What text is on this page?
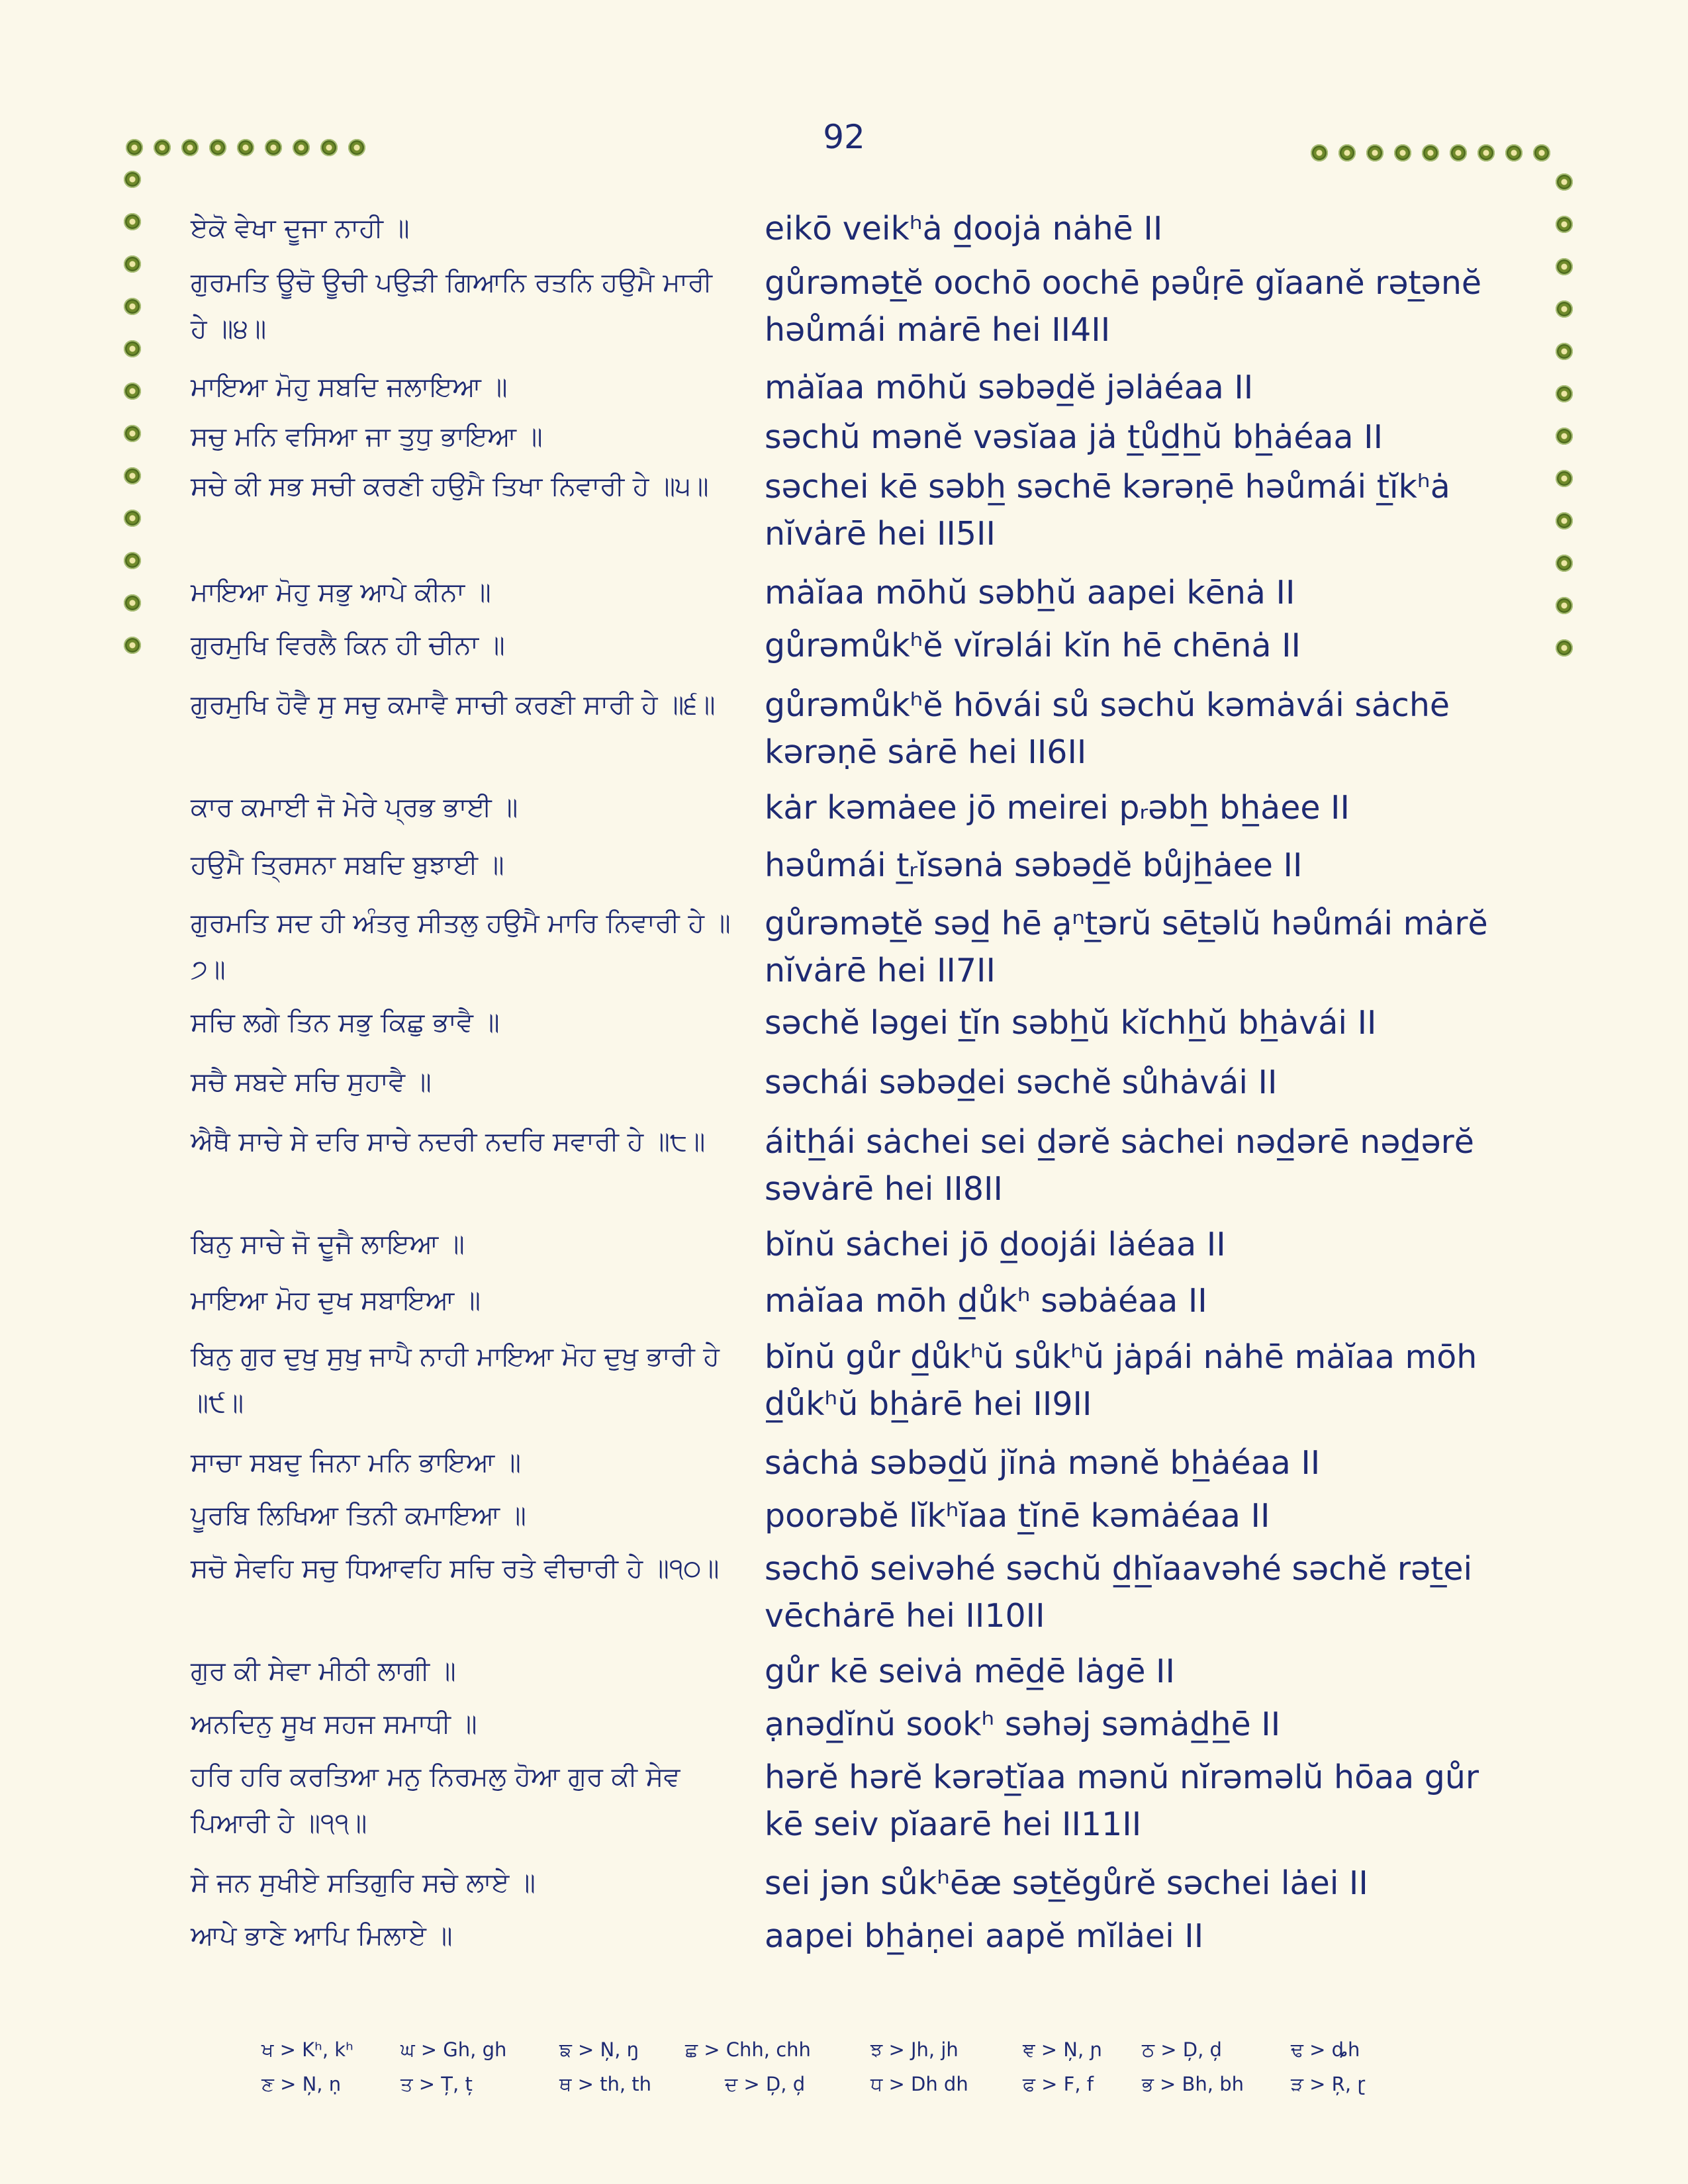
92
ਏਕੋ ਵੇਖਾ ਦੂਜਾ ਨਾਹੀ ॥	eikō veikʰȧ d̲oojȧ nȧhē II
ਗੁਰਮਤਿ ਊਚੋ ਊਚੀ ਪਉੜੀ ਗਿਆਨਿ ਰਤਨਿ ਹਉਮੈ ਮਾਰੀ ਹੇ ॥੪॥
gůrəmət̲ĕ oochō oochē pəůṛē gĭaanĕ rət̲ənĕ həůmái mȧrē hei II4II
ਮਾਇਆ ਮੋਹੁ ਸਬਦਿ ਜਲਾਇਆ ॥	mȧĭaa mōhŭ səbəd̲ĕ jəlȧéaa II
ਸਚੁ ਮਨਿ ਵਸਿਆ ਜਾ ਤੁਧੁ ਭਾਇਆ ॥	səchŭ mənĕ vəsĭaa jȧ t̲ůd̲h̲ŭ bh̲ȧéaa II
ਸਚੇ ਕੀ ਸਭ ਸਚੀ ਕਰਣੀ ਹਉਮੈ ਤਿਖਾ ਨਿਵਾਰੀ ਹੇ ॥੫॥	səchei kē səbh̲ səchē kərəṇē həůmái t̲ĭkʰȧ nĭvȧrē hei II5II
ਮਾਇਆ ਮੋਹੁ ਸਭੁ ਆਪੇ ਕੀਨਾ ॥	mȧĭaa mōhŭ səbh̲ŭ aapei kēnȧ II
ਗੁਰਮੁਖਿ ਵਿਰਲੈ ਕਿਨ ਹੀ ਚੀਨਾ ॥	gůrəmůkʰĕ vĭrəlái kĭn hē chēnȧ II
ਗੁਰਮੁਖਿ ਹੋਵੈ ਸੁ ਸਚੁ ਕਮਾਵੈ ਸਾਚੀ ਕਰਣੀ ਸਾਰੀ ਹੇ ॥੬॥	gůrəmůkʰĕ hōvái sů səchŭ kəmȧvái sȧchē kərəṇē sȧrē hei II6II
ਕਾਰ ਕਮਾਈ ਜੋ ਮੇਰੇ ਪ੍ਰਭ ਭਾਈ ॥	kȧr kəmȧee jō meirei pᵣəbh̲ bh̲ȧee II
ਹਉਮੈ ਤ੍ਰਿਸਨਾ ਸਬਦਿ ਬੁਝਾਈ ॥	həůmái t̲ᵣĭsənȧ səbəd̲ĕ bůjh̲ȧee II
ਗੁਰਮਤਿ ਸਦ ਹੀ ਅੰਤਰੁ ਸੀਤਲੁ ਹਉਮੈ ਮਾਰਿ ਨਿਵਾਰੀ ਹੇ ॥੭॥
gůrəmət̲ĕ səd̲ hē ạⁿt̲ərŭ sēt̲əlŭ həůmái mȧrĕ nĭvȧrē hei II7II
ਸਚਿ ਲਗੇ ਤਿਨ ਸਭੁ ਕਿਛੁ ਭਾਵੈ ॥	səchĕ ləgei t̲ĭn səbh̲ŭ kĭchh̲ŭ bh̲ȧvái II
ਸਚੈ ਸਬਦੇ ਸਚਿ ਸੁਹਾਵੈ ॥	səchái səbəd̲ei səchĕ sůhȧvái II
ਐਥੈ ਸਾਚੇ ਸੇ ਦਰਿ ਸਾਚੇ ਨਦਰੀ ਨਦਰਿ ਸਵਾਰੀ ਹੇ ॥੮॥	áith̲ái sȧchei sei d̲ərĕ sȧchei nəd̲ərē nəd̲ərĕ səvȧrē hei II8II
ਬਿਨੁ ਸਾਚੇ ਜੋ ਦੂਜੈ ਲਾਇਆ ॥	bĭnŭ sȧchei jō d̲oojái lȧéaa II
ਮਾਇਆ ਮੋਹ ਦੁਖ ਸਬਾਇਆ ॥	mȧĭaa mōh d̲ůkʰ səbȧéaa II
ਬਿਨੁ ਗੁਰ ਦੁਖੁ ਸੁਖੁ ਜਾਪੈ ਨਾਹੀ ਮਾਇਆ ਮੋਹ ਦੁਖੁ ਭਾਰੀ ਹੇ ॥੯॥
bĭnŭ gůr d̲ůkʰŭ sůkʰŭ jȧpái nȧhē mȧĭaa mōh d̲ůkʰŭ bh̲ȧrē hei II9II
ਸਾਚਾ ਸਬਦੁ ਜਿਨਾ ਮਨਿ ਭਾਇਆ ॥	sȧchȧ səbəd̲ŭ jĭnȧ mənĕ bh̲ȧéaa II
ਪੂਰਬਿ ਲਿਖਿਆ ਤਿਨੀ ਕਮਾਇਆ ॥	poorəbĕ lĭkʰĭaa t̲ĭnē kəmȧéaa II
ਸਚੋ ਸੇਵਹਿ ਸਚੁ ਧਿਆਵਹਿ ਸਚਿ ਰਤੇ ਵੀਚਾਰੀ ਹੇ ॥੧੦॥	səchō seivəhé səchŭ d̲h̲ĭaavəhé səchĕ rət̲ei vēchȧrē hei II10II
ਗੁਰ ਕੀ ਸੇਵਾ ਮੀਠੀ ਲਾਗੀ ॥	gůr kē seivȧ mēd̲ē lȧgē II
ਅਨਦਿਨੁ ਸੂਖ ਸਹਜ ਸਮਾਧੀ ॥	ạnəd̲ĭnŭ sookʰ səhəj səmȧd̲h̲ē II
ਹਰਿ ਹਰਿ ਕਰਤਿਆ ਮਨੁ ਨਿਰਮਲੁ ਹੋਆ ਗੁਰ ਕੀ ਸੇਵ ਪਿਆਰੀ ਹੇ ॥੧੧॥
hərĕ hərĕ kərət̲ĭaa mənŭ nĭrəməlŭ hōaa gůr kē seiv pĭaarē hei II11II
ਸੇ ਜਨ ਸੁਖੀਏ ਸਤਿਗੁਰਿ ਸਚੇ ਲਾਏ ॥	sei jən sůkʰēæ sət̲ĕgůrĕ səchei lȧei II
ਆਪੇ ਭਾਣੇ ਆਪਿ ਮਿਲਾਏ ॥	aapei bh̲ȧṇei aapĕ mĭlȧei II
ਖ > Kʰ, kʰ ਘ > Gh, gh	ਙ > N̦, ŋ ਛ > Chh, chh	ਝ > Jh, jh	ਞ > N̦, ɲ ਠ > D̦, d̦	ਢ > ȡh
ਣ > N̦, ṇ	ਤ > Ț, ț	ਥ > th, th	ਦ > D̦, d̦	ਧ > Dh dh	ਫ > F, f	ਭ > Bh, bh ੜ > R̦, ɽ
